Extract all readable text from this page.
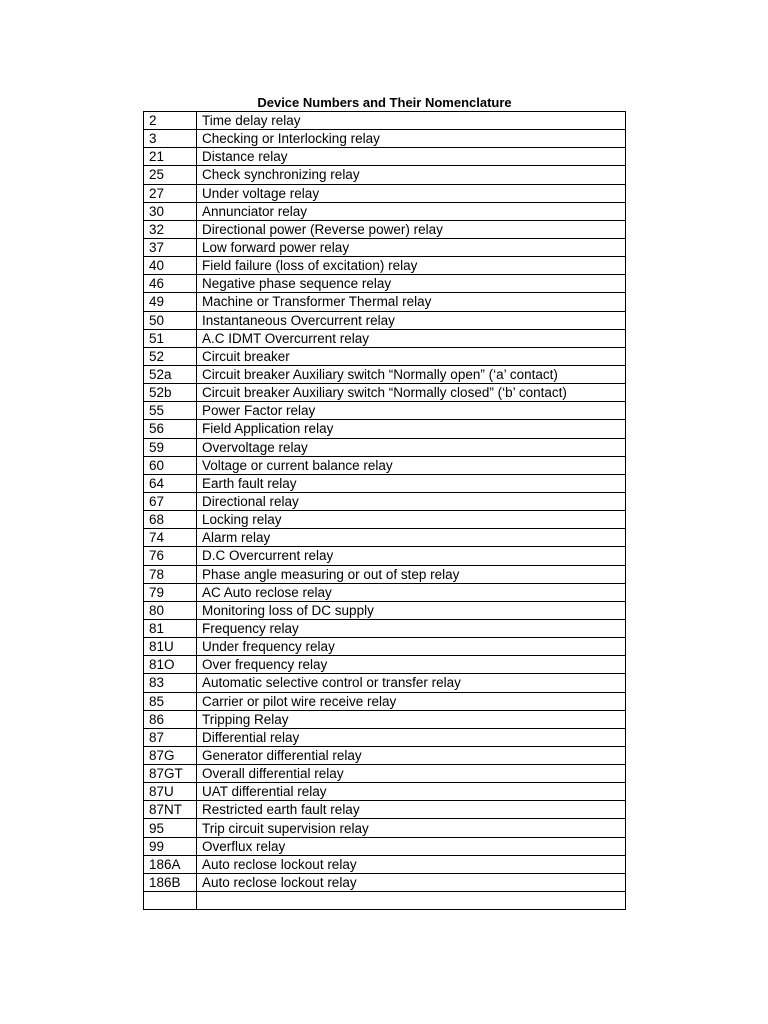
Device Numbers and Their Nomenclature
2	Time delay relay
3	Checking or Interlocking relay
21	Distance relay
25	Check synchronizing relay
27	Under voltage relay
30	Annunciator relay
32	Directional power (Reverse power) relay
37	Low forward power relay
40	Field failure (loss of excitation) relay
46	Negative phase sequence relay
49	Machine or Transformer Thermal relay
50	Instantaneous Overcurrent relay
51	A.C IDMT Overcurrent relay
52	Circuit breaker
52a	Circuit breaker Auxiliary switch “Normally open” (‘a’ contact)
52b	Circuit breaker Auxiliary switch “Normally closed” (‘b’ contact)
55	Power Factor relay
56	Field Application relay
59	Overvoltage relay
60	Voltage or current balance relay
64	Earth fault relay
67	Directional relay
68	Locking relay
74	Alarm relay
76	D.C Overcurrent relay
78	Phase angle measuring or out of step relay
79	AC Auto reclose relay
80	Monitoring loss of DC supply
81	Frequency relay
81U	Under frequency relay
81O	Over frequency relay
83	Automatic selective control or transfer relay
85	Carrier or pilot wire receive relay
86	Tripping Relay
87	Differential relay
87G	Generator differential relay
87GT	Overall differential relay
87U	UAT differential relay
87NT	Restricted earth fault relay
95	Trip circuit supervision relay
99	Overflux relay
186A	Auto reclose lockout relay
186B	Auto reclose lockout relay
